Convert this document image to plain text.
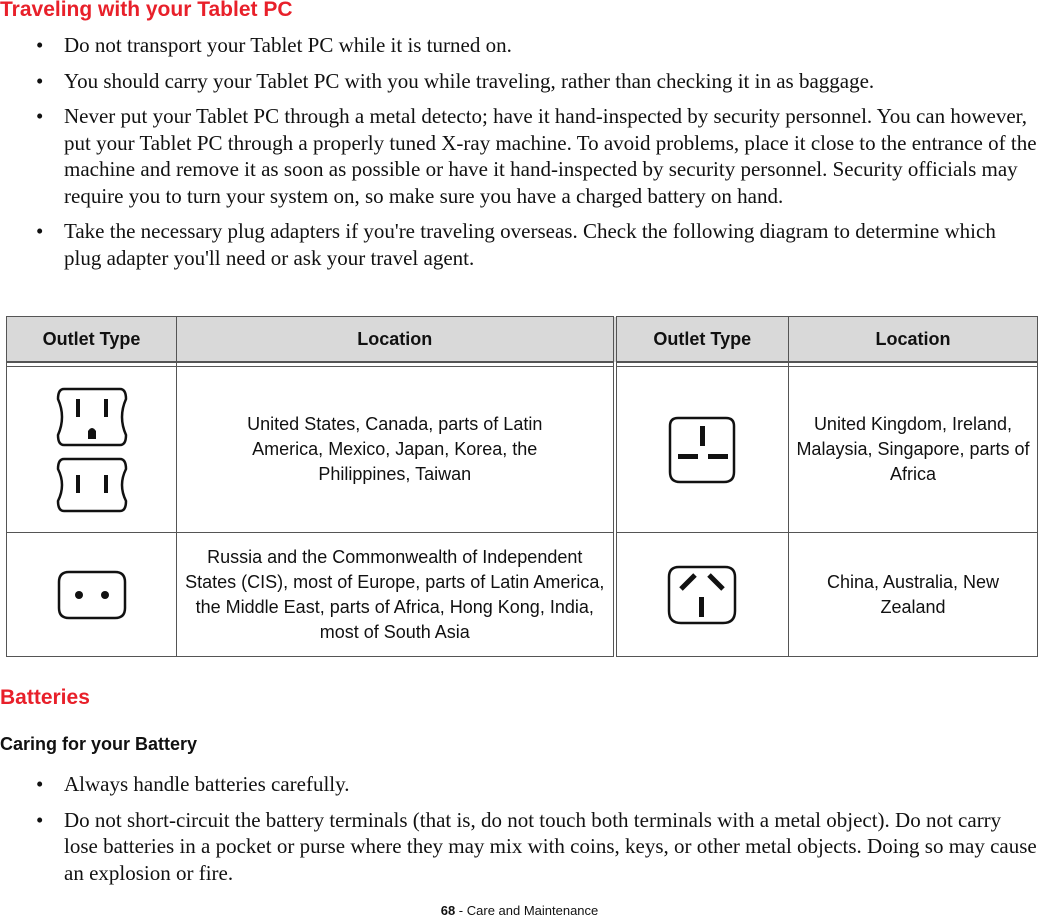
Traveling with your Tablet PC
• Do not transport your Tablet PC while it is turned on.
• You should carry your Tablet PC with you while traveling, rather than checking it in as baggage.
• Never put your Tablet PC through a metal detecto; have it hand-inspected by security personnel. You can however, put your Tablet PC through a properly tuned X-ray machine. To avoid problems, place it close to the entrance of the machine and remove it as soon as possible or have it hand-inspected by security personnel. Security officials may require you to turn your system on, so make sure you have a charged battery on hand.
• Take the necessary plug adapters if you're traveling overseas. Check the following diagram to determine which plug adapter you'll need or ask your travel agent.
Outlet Type	Location	Outlet Type	Location

	United States, Canada, parts of Latin America, Mexico, Japan, Korea, the Philippines, Taiwan		United Kingdom, Ireland, Malaysia, Singapore, parts of Africa

	Russia and the Commonwealth of Independent States (CIS), most of Europe, parts of Latin America, the Middle East, parts of Africa, Hong Kong, India, most of South Asia		China, Australia, New Zealand
Batteries
Caring for your Battery
• Always handle batteries carefully.
• Do not short-circuit the battery terminals (that is, do not touch both terminals with a metal object). Do not carry lose batteries in a pocket or purse where they may mix with coins, keys, or other metal objects. Doing so may cause an explosion or fire.
68 - Care and Maintenance
